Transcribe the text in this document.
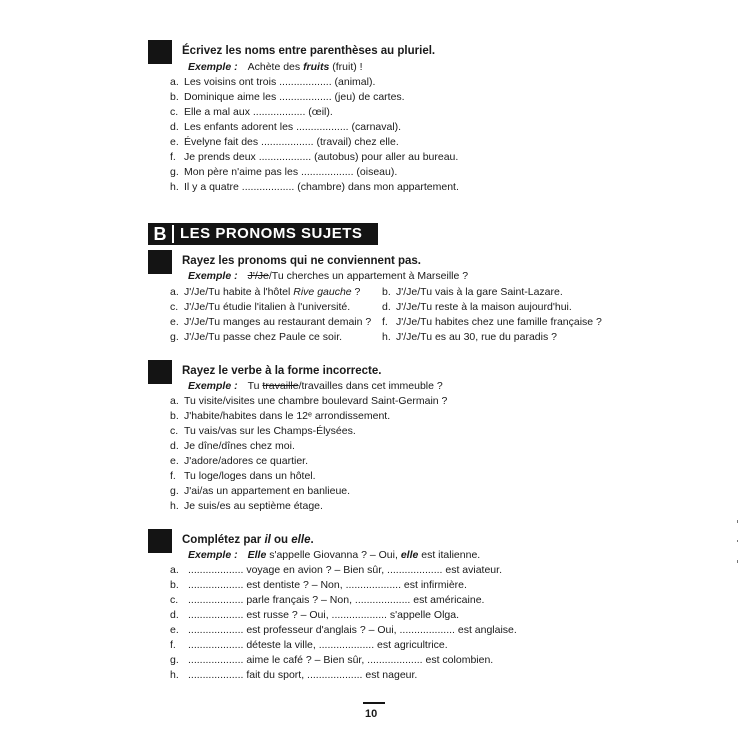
Écrivez les noms entre parenthèses au pluriel.
Exemple : Achète des fruits (fruit) !
a. Les voisins ont trois .................. (animal).
b. Dominique aime les .................. (jeu) de cartes.
c. Elle a mal aux .................. (œil).
d. Les enfants adorent les .................. (carnaval).
e. Évelyne fait des .................. (travail) chez elle.
f. Je prends deux .................. (autobus) pour aller au bureau.
g. Mon père n'aime pas les .................. (oiseau).
h. Il y a quatre .................. (chambre) dans mon appartement.
B LES PRONOMS SUJETS
Rayez les pronoms qui ne conviennent pas.
Exemple : J'/Je/Tu cherches un appartement à Marseille ?
a. J'/Je/Tu habite à l'hôtel Rive gauche ?
c. J'/Je/Tu étudie l'italien à l'université.
e. J'/Je/Tu manges au restaurant demain ?
g. J'/Je/Tu passe chez Paule ce soir.
b. J'/Je/Tu vais à la gare Saint-Lazare.
d. J'/Je/Tu reste à la maison aujourd'hui.
f. J'/Je/Tu habites chez une famille française ?
h. J'/Je/Tu es au 30, rue du paradis ?
Rayez le verbe à la forme incorrecte.
Exemple : Tu travaille/travailles dans cet immeuble ?
a. Tu visite/visites une chambre boulevard Saint-Germain ?
b. J'habite/habites dans le 12ᵉ arrondissement.
c. Tu vais/vas sur les Champs-Élysées.
d. Je dîne/dînes chez moi.
e. J'adore/adores ce quartier.
f. Tu loge/loges dans un hôtel.
g. J'ai/as un appartement en banlieue.
h. Je suis/es au septième étage.
Complétez par il ou elle.
Exemple : Elle s'appelle Giovanna ? – Oui, elle est italienne.
a. ................... voyage en avion ? – Bien sûr, ................... est aviateur.
b. ................... est dentiste ? – Non, ................... est infirmière.
c. ................... parle français ? – Non, ................... est américaine.
d. ................... est russe ? – Oui, ................... s'appelle Olga.
e. ................... est professeur d'anglais ? – Oui, ................... est anglaise.
f. ................... déteste la ville, ................... est agricultrice.
g. ................... aime le café ? – Bien sûr, ................... est colombien.
h. ................... fait du sport, ................... est nageur.
10
